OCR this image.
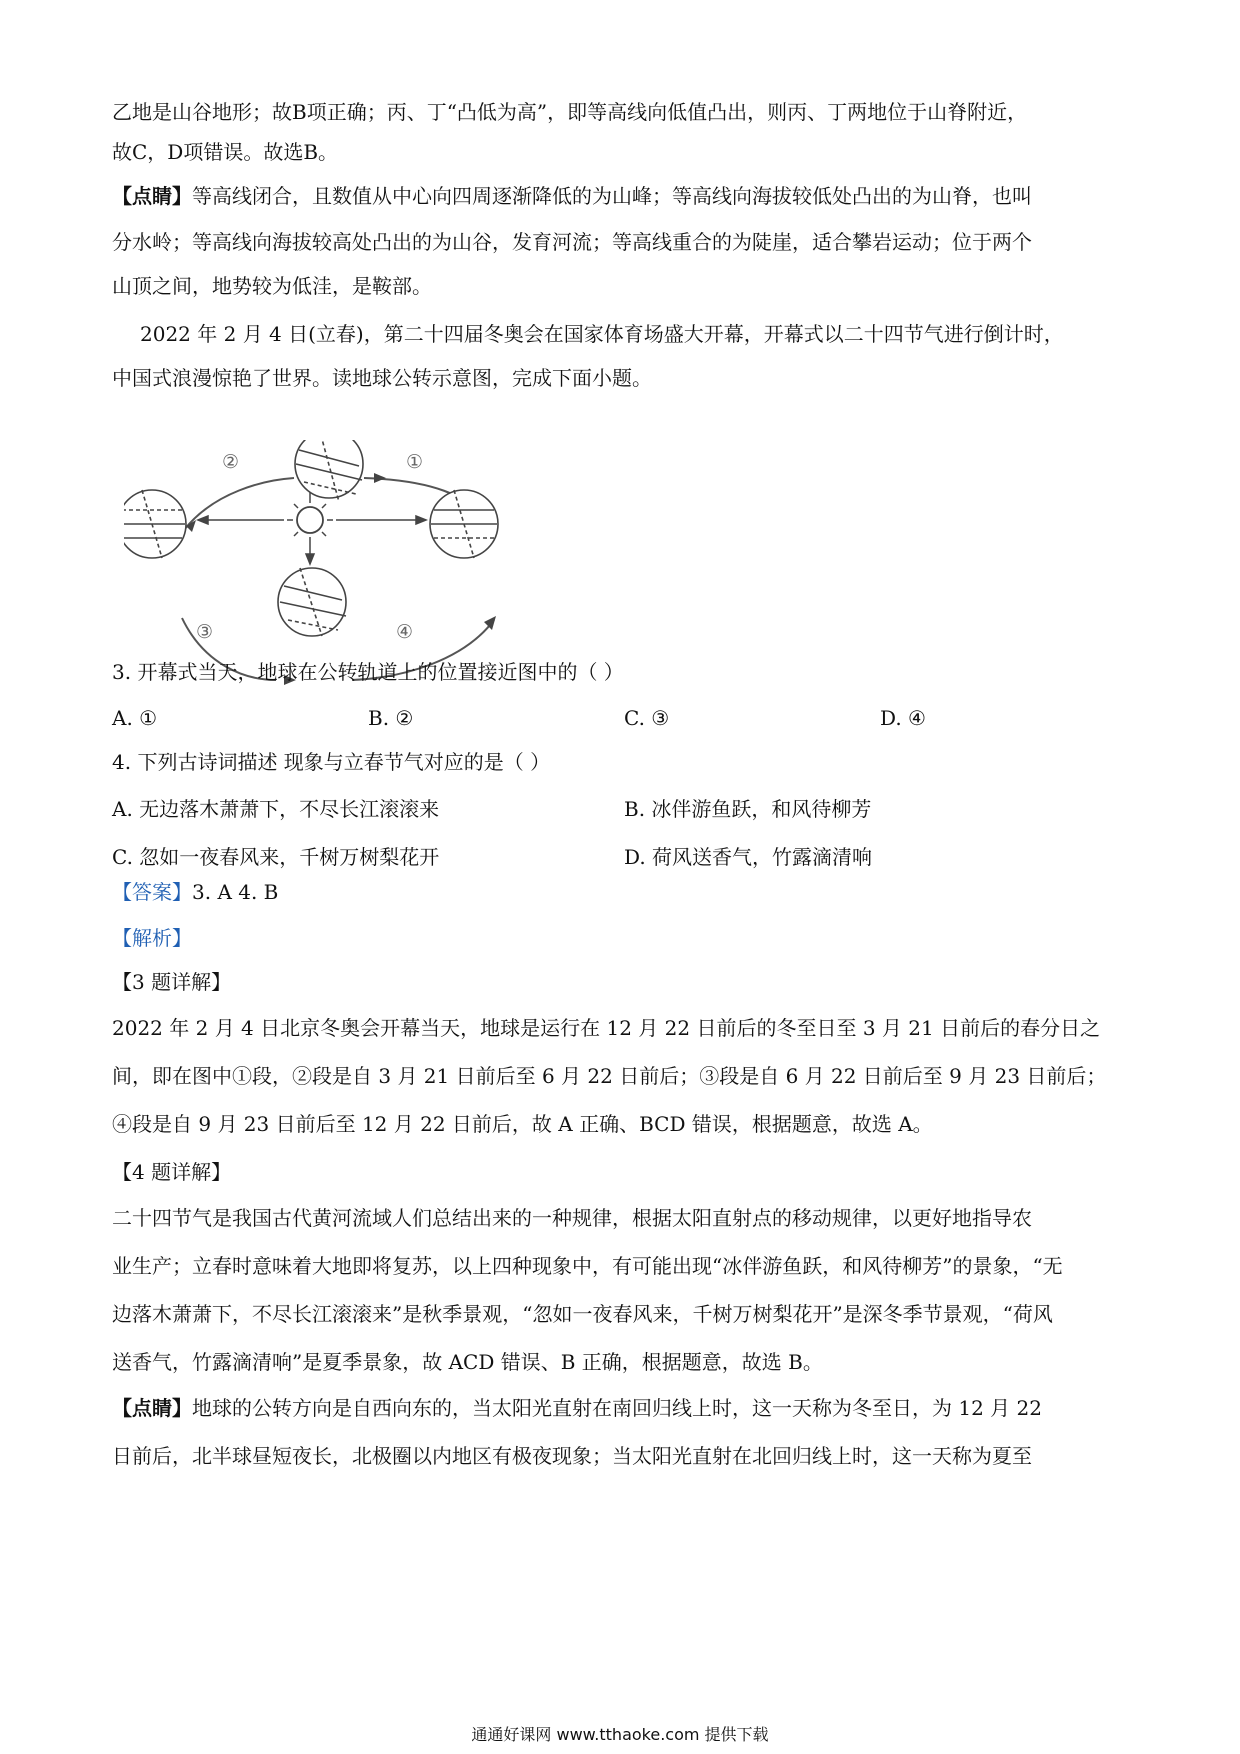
乙地是山谷地形；故B项正确；丙、丁“凸低为高”，即等高线向低值凸出，则丙、丁两地位于山脊附近，

故C，D项错误。故选B。

【点睛】等高线闭合，且数值从中心向四周逐渐降低的为山峰；等高线向海拔较低处凸出的为山脊，也叫

分水岭；等高线向海拔较高处凸出的为山谷，发育河流；等高线重合的为陡崖，适合攀岩运动；位于两个

山顶之间，地势较为低洼，是鞍部。

2022 年 2 月 4 日(立春)，第二十四届冬奥会在国家体育场盛大开幕，开幕式以二十四节气进行倒计时，

中国式浪漫惊艳了世界。读地球公转示意图，完成下面小题。

①
②
③	④

3. 开幕式当天，地球在公转轨道上的位置接近图中的（ ）

A. ①	B. ②	C. ③	D. ④

4. 下列古诗词描述 现象与立春节气对应的是（ ）

A. 无边落木萧萧下，不尽长江滚滚来	B. 冰伴游鱼跃，和风待柳芳
C. 忽如一夜春风来，千树万树梨花开	D. 荷风送香气，竹露滴清响

【答案】3. A 4. B

【解析】

【3 题详解】

2022 年 2 月 4 日北京冬奥会开幕当天，地球是运行在 12 月 22 日前后的冬至日至 3 月 21 日前后的春分日之

间，即在图中①段，②段是自 3 月 21 日前后至 6 月 22 日前后；③段是自 6 月 22 日前后至 9 月 23 日前后；

④段是自 9 月 23 日前后至 12 月 22 日前后，故 A 正确、BCD 错误，根据题意，故选 A。

【4 题详解】

二十四节气是我国古代黄河流域人们总结出来的一种规律，根据太阳直射点的移动规律，以更好地指导农

业生产；立春时意味着大地即将复苏，以上四种现象中，有可能出现“冰伴游鱼跃，和风待柳芳”的景象，“无

边落木萧萧下，不尽长江滚滚来”是秋季景观，“忽如一夜春风来，千树万树梨花开”是深冬季节景观，“荷风

送香气，竹露滴清响”是夏季景象，故 ACD 错误、B 正确，根据题意，故选 B。

【点睛】地球的公转方向是自西向东的，当太阳光直射在南回归线上时，这一天称为冬至日，为 12 月 22

日前后，北半球昼短夜长，北极圈以内地区有极夜现象；当太阳光直射在北回归线上时，这一天称为夏至

通通好课网 www.tthaoke.com 提供下载
